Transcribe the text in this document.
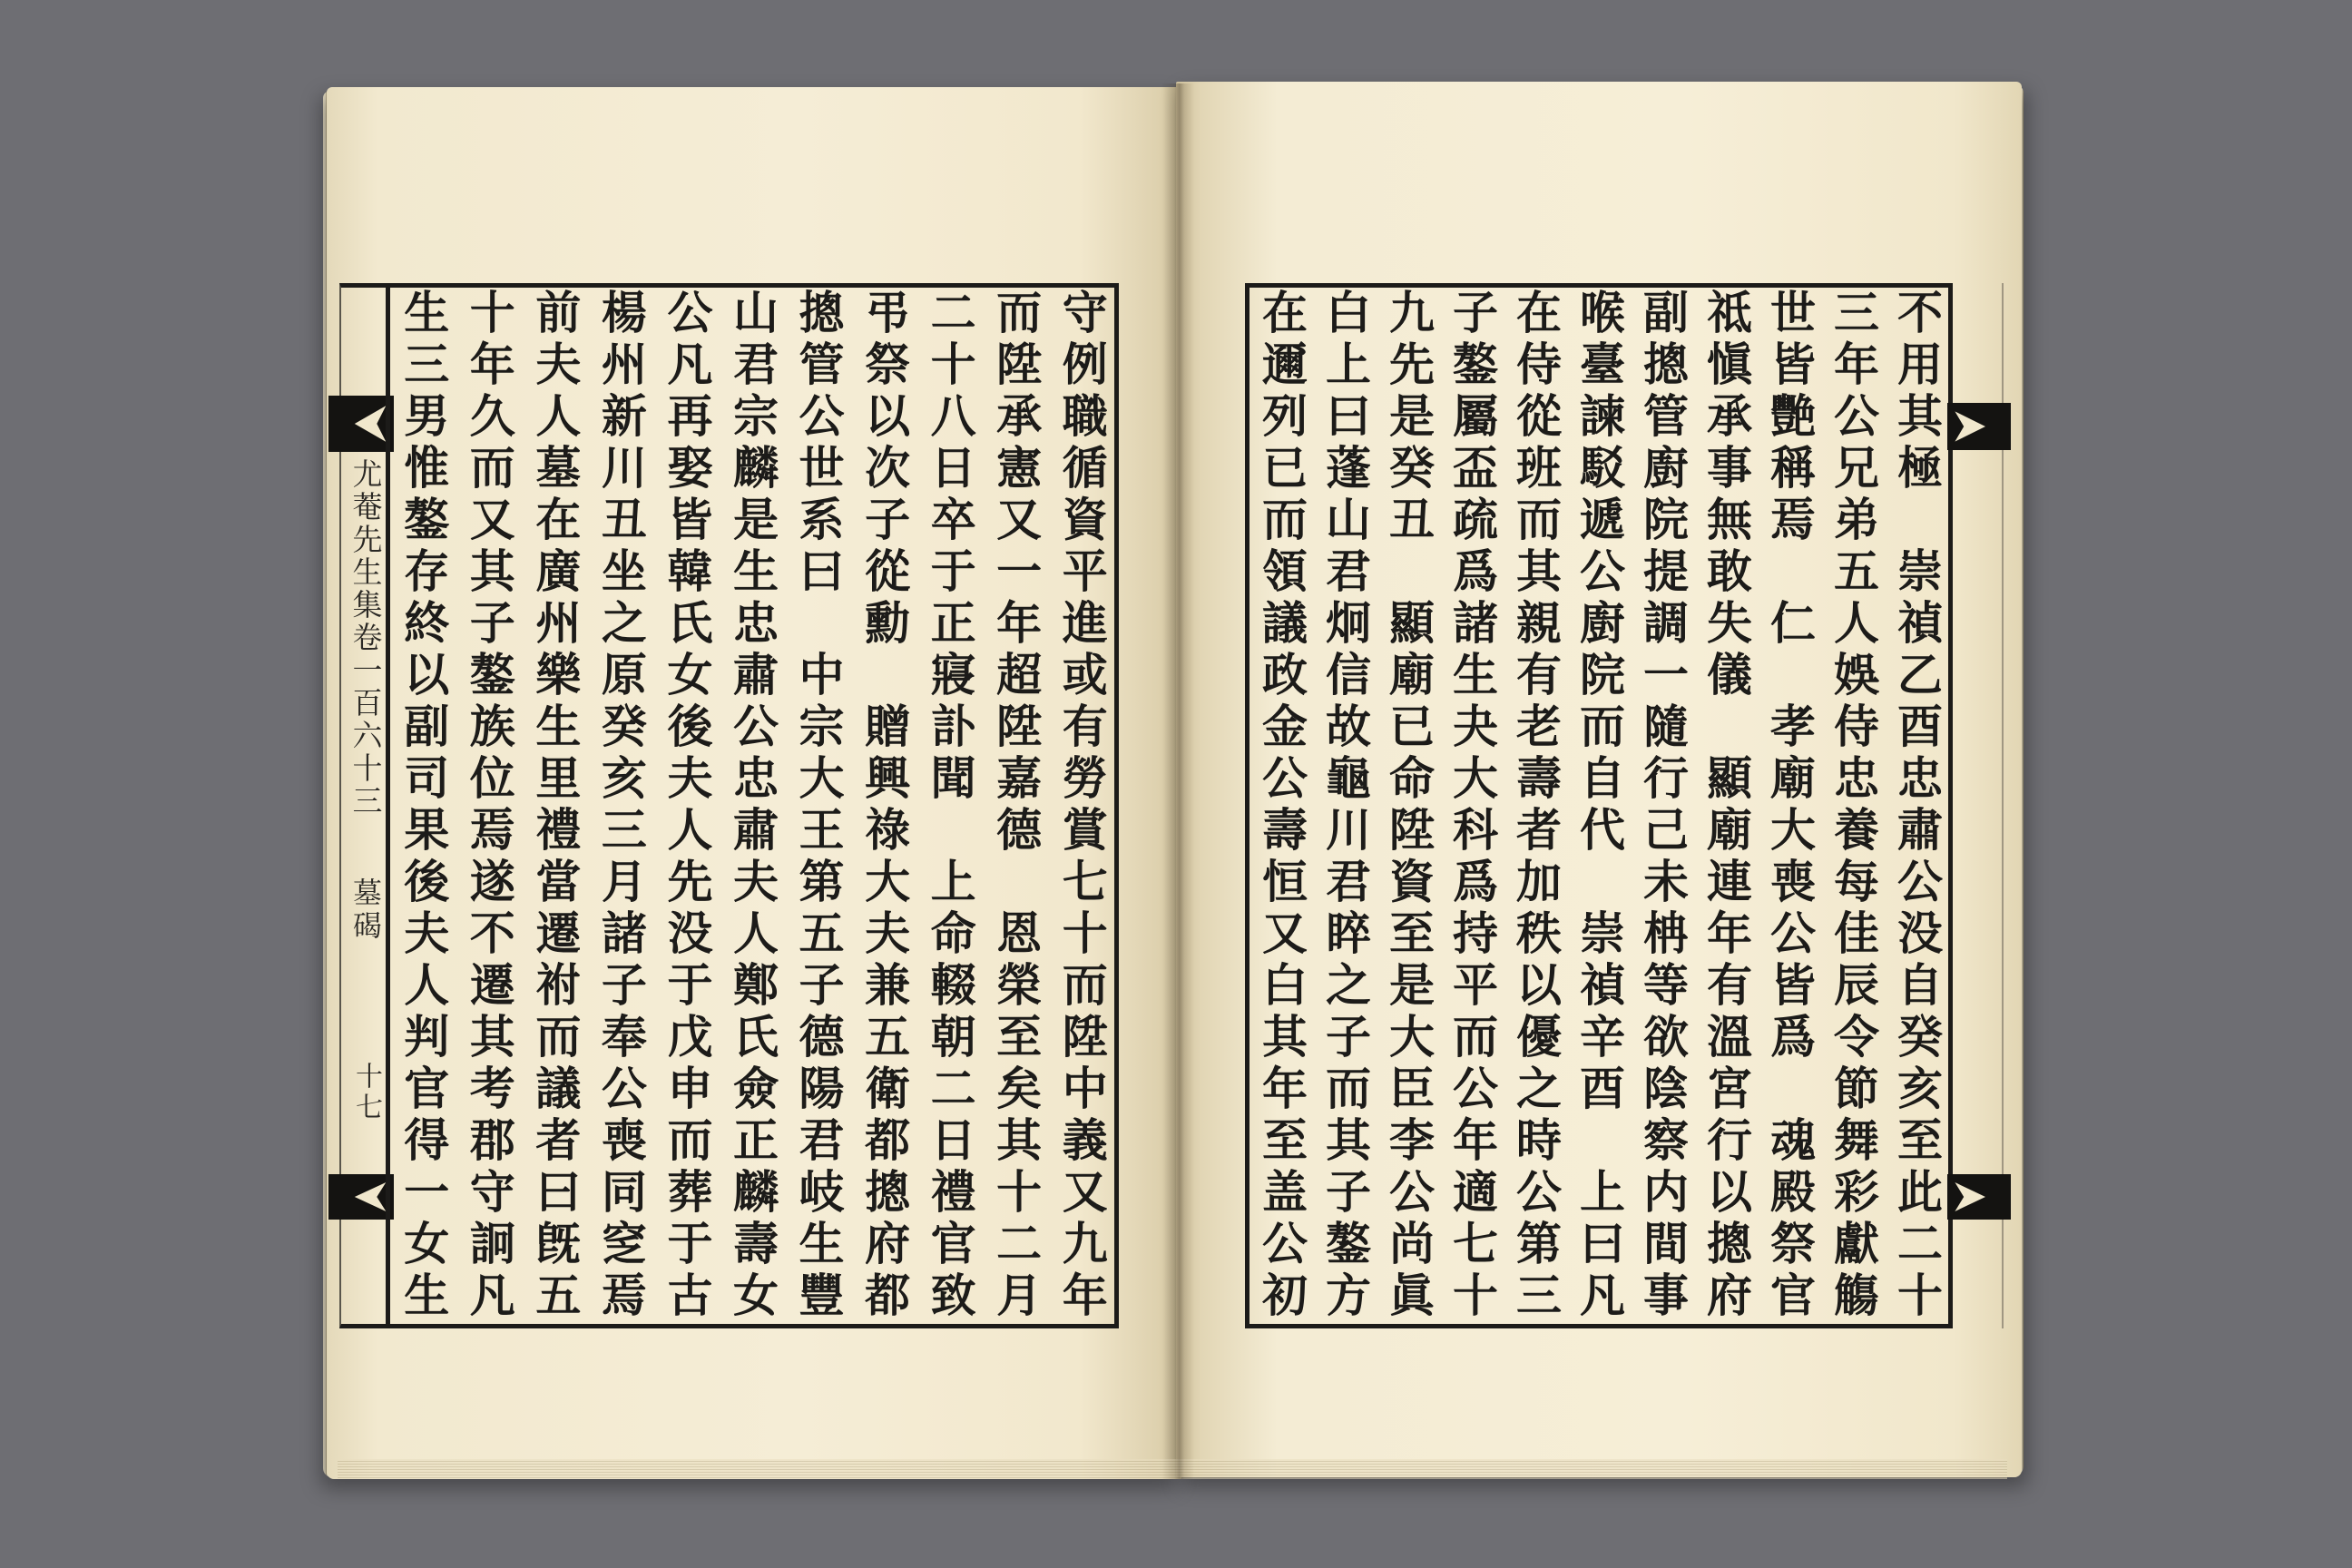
尤菴先生集卷一百六十三
墓碣
十七	守例職循資平進或有勞賞七十而陞中義又九年
而陞承憲又一年超陞嘉德　恩榮至矣其十二月
二十八日卒于正寢訃聞　上命輟朝二日禮官致
弔祭以次子從勳　贈興祿大夫兼五衛都摠府都
摠管公世系曰　中宗大王第五子德陽君岐生豐
山君宗麟是生忠肅公忠肅夫人鄭氏僉正麟壽女
公凡再娶皆韓氏女後夫人先没于戊申而葬于古
楊州新川丑坐之原癸亥三月諸子奉公喪同窆焉
前夫人墓在廣州樂生里禮當遷祔而議者曰旣五
十年久而又其子鏊族位焉遂不遷其考郡守詗凡
生三男惟鏊存終以副司果後夫人判官得一女生	不用其極　崇禎乙酉忠肅公没自癸亥至此二十
三年公兄弟五人娛侍忠養每佳辰令節舞彩獻觴
世皆艷稱焉　仁　孝廟大喪公皆爲　魂殿祭官
祗愼承事無敢失儀　顯廟連年有溫宮行以摠府
副摠管廚院提調一隨行己未柟等欲陰察内間事
喉臺諫駁遞公廚院而自代　崇禎辛酉　上曰凡
在侍從班而其親有老壽者加秩以優之時公第三
子鏊屬盃疏爲諸生夬大科爲持平而公年適七十
九先是癸丑　顯廟已命陞資至是大臣李公尚眞
白上曰蓬山君炯信故龜川君睟之子而其子鏊方
在邇列已而領議政金公壽恒又白其年至盖公初
